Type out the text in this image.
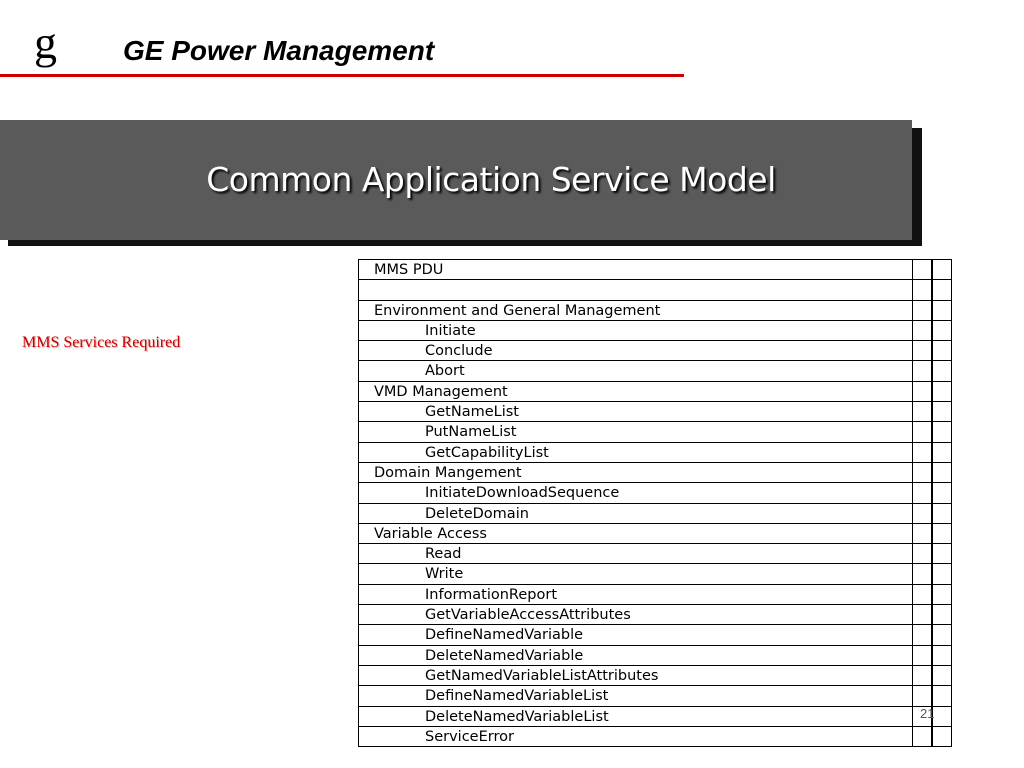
g GE Power Management
Common Application Service Model
MMS Services Required
MMS PDU
Environment and General Management
Initiate
Conclude
Abort
VMD Management
GetNameList
PutNameList
GetCapabilityList
Domain Mangement
InitiateDownloadSequence
DeleteDomain
Variable Access
Read
Write
InformationReport
GetVariableAccessAttributes
DefineNamedVariable
DeleteNamedVariable
GetNamedVariableListAttributes
DefineNamedVariableList
DeleteNamedVariableList
ServiceError
21
